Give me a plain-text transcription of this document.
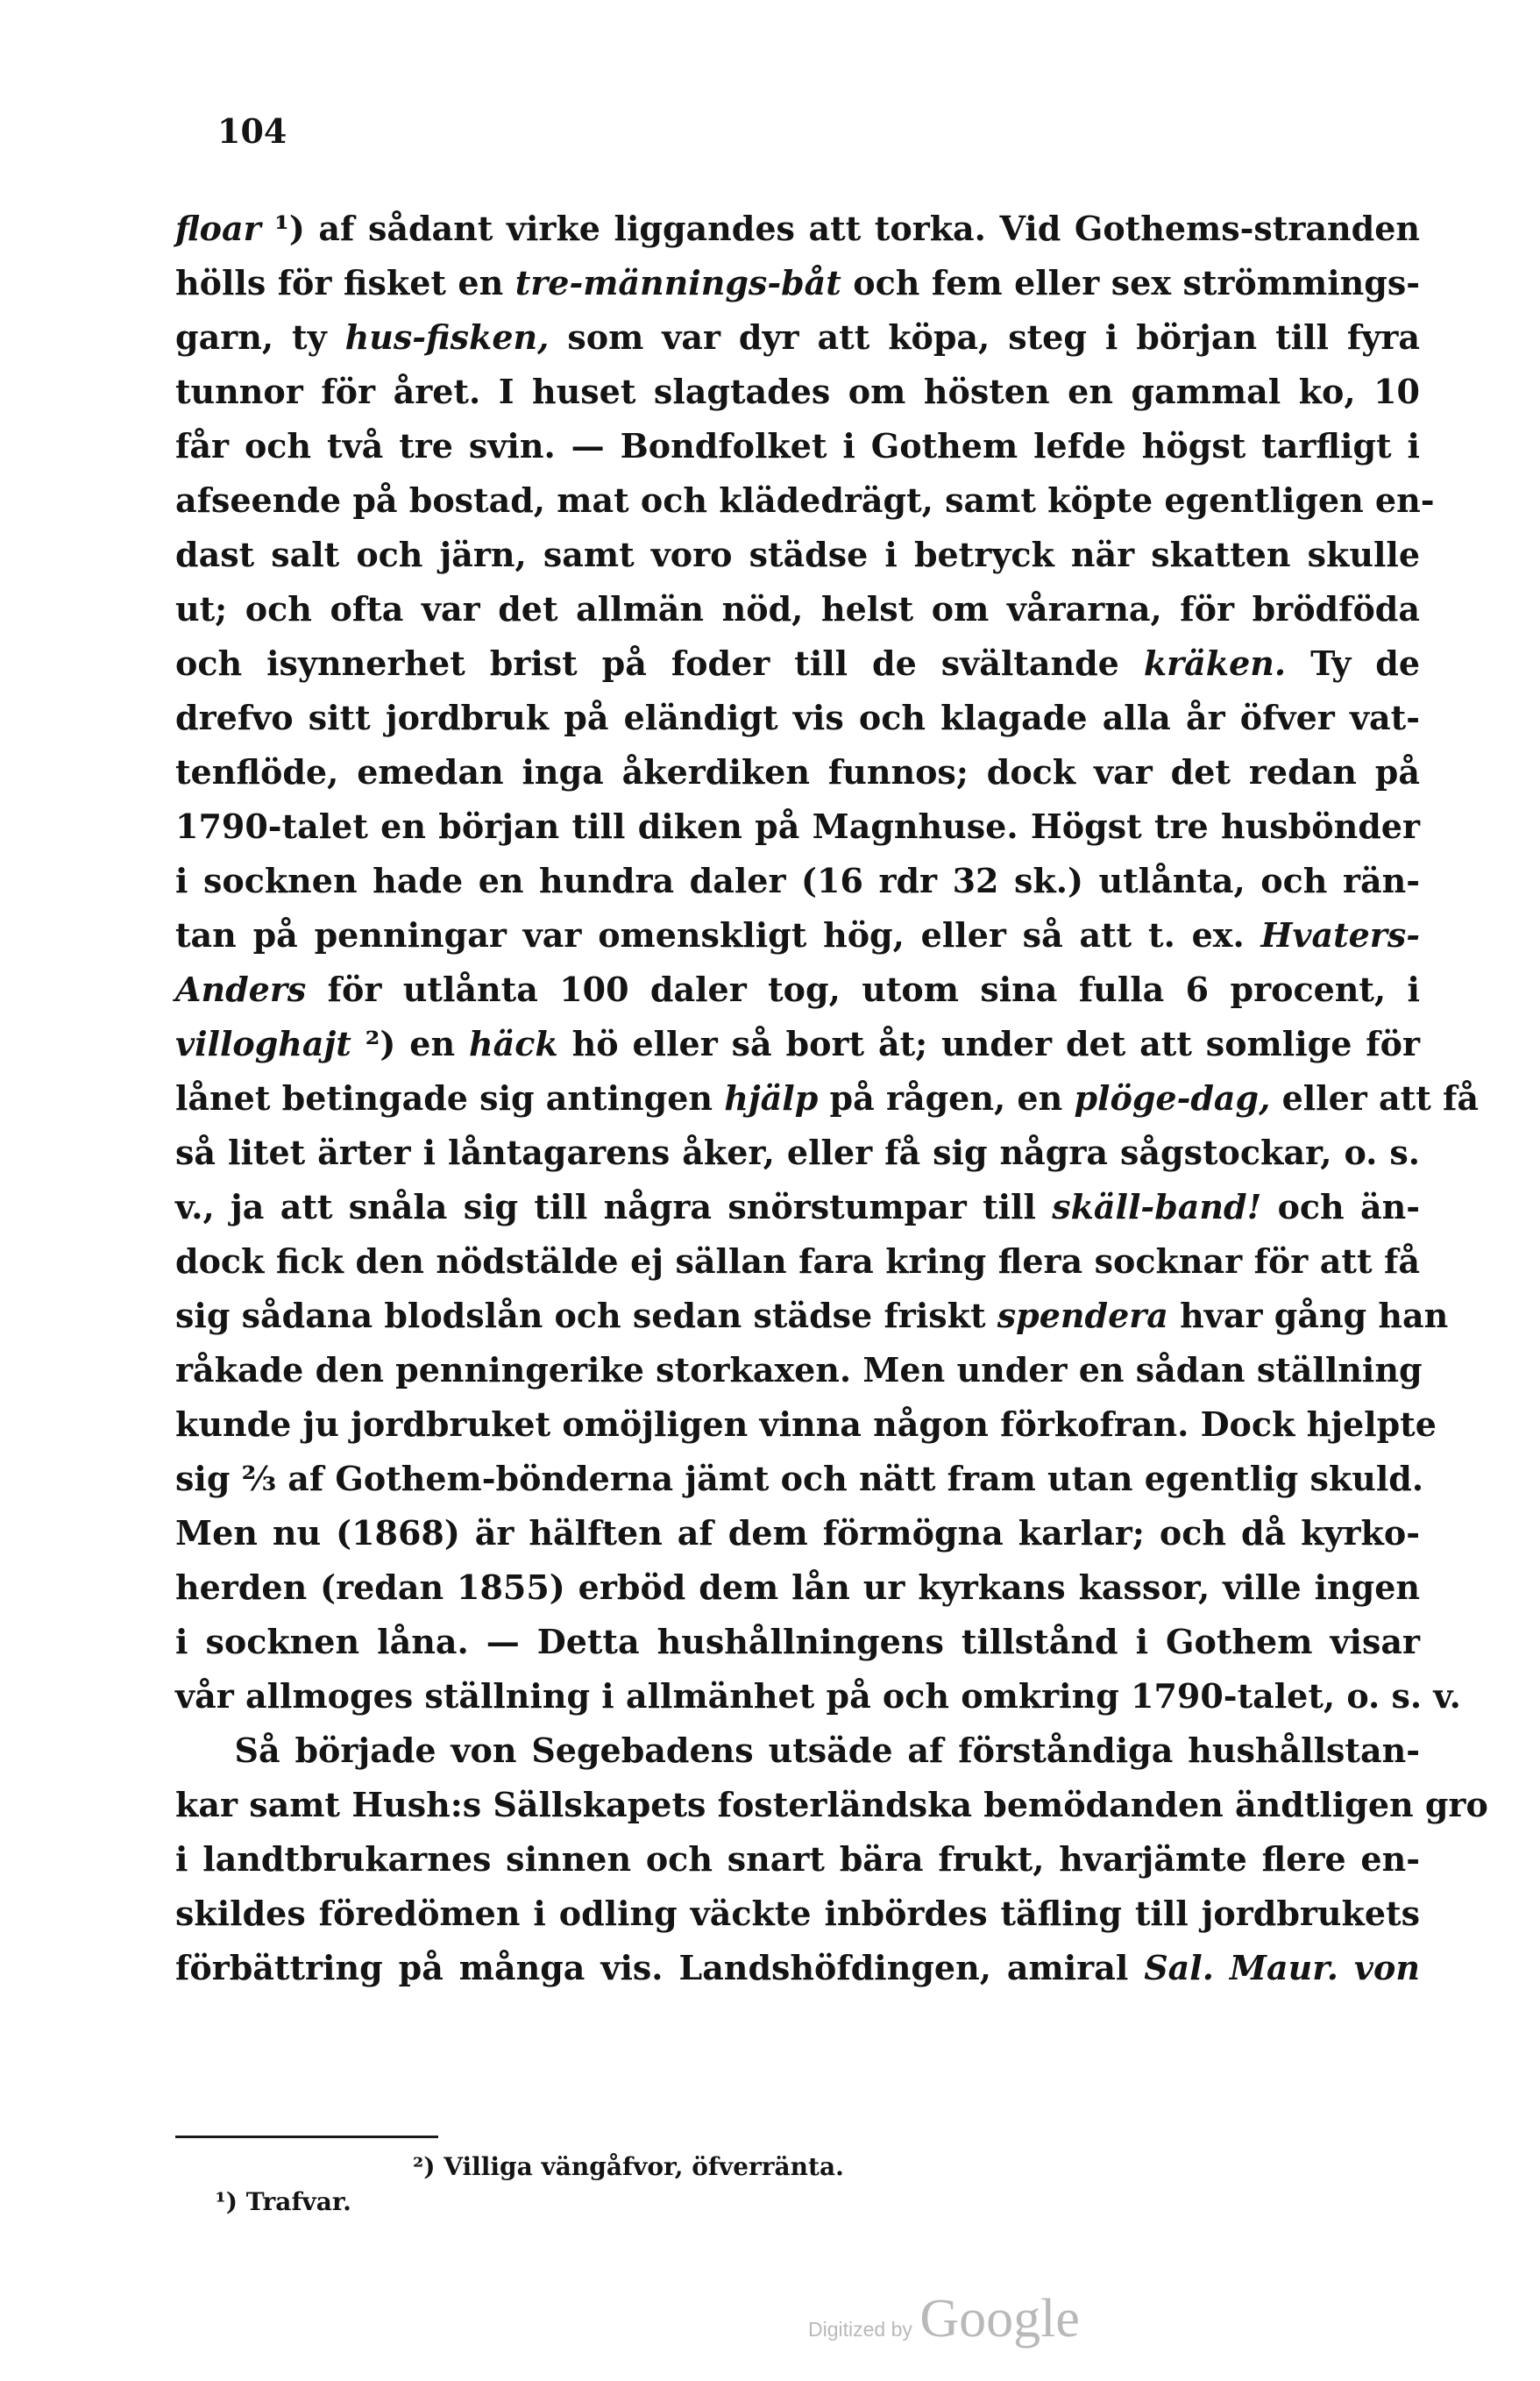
104
floar ¹) af sådant virke liggandes att torka. Vid Gothems-stranden
hölls för fisket en tre-männings-båt och fem eller sex strömmings-
garn, ty hus-fisken, som var dyr att köpa, steg i början till fyra
tunnor för året. I huset slagtades om hösten en gammal ko, 10
får och två tre svin. — Bondfolket i Gothem lefde högst tarfligt i
afseende på bostad, mat och klädedrägt, samt köpte egentligen en-
dast salt och järn, samt voro städse i betryck när skatten skulle
ut; och ofta var det allmän nöd, helst om vårarna, för brödföda
och isynnerhet brist på foder till de svältande kräken. Ty de
drefvo sitt jordbruk på eländigt vis och klagade alla år öfver vat-
tenflöde, emedan inga åkerdiken funnos; dock var det redan på
1790-talet en början till diken på Magnhuse. Högst tre husbönder
i socknen hade en hundra daler (16 rdr 32 sk.) utlånta, och rän-
tan på penningar var omenskligt hög, eller så att t. ex. Hvaters-
Anders för utlånta 100 daler tog, utom sina fulla 6 procent, i
villoghajt ²) en häck hö eller så bort åt; under det att somlige för
lånet betingade sig antingen hjälp på rågen, en plöge-dag, eller att få
så litet ärter i låntagarens åker, eller få sig några sågstockar, o. s.
v., ja att snåla sig till några snörstumpar till skäll-band! och än-
dock fick den nödstälde ej sällan fara kring flera socknar för att få
sig sådana blodslån och sedan städse friskt spendera hvar gång han
råkade den penningerike storkaxen. Men under en sådan ställning
kunde ju jordbruket omöjligen vinna någon förkofran. Dock hjelpte
sig ⅔ af Gothem-bönderna jämt och nätt fram utan egentlig skuld.
Men nu (1868) är hälften af dem förmögna karlar; och då kyrko-
herden (redan 1855) erböd dem lån ur kyrkans kassor, ville ingen
i socknen låna. — Detta hushållningens tillstånd i Gothem visar
vår allmoges ställning i allmänhet på och omkring 1790-talet, o. s. v.
Så började von Segebadens utsäde af förståndiga hushållstan-
kar samt Hush:s Sällskapets fosterländska bemödanden ändtligen gro
i landtbrukarnes sinnen och snart bära frukt, hvarjämte flere en-
skildes föredömen i odling väckte inbördes täfling till jordbrukets
förbättring på många vis. Landshöfdingen, amiral Sal. Maur. von

¹) Trafvar.

²) Villiga vängåfvor, öfverränta.

Digitized by Google
